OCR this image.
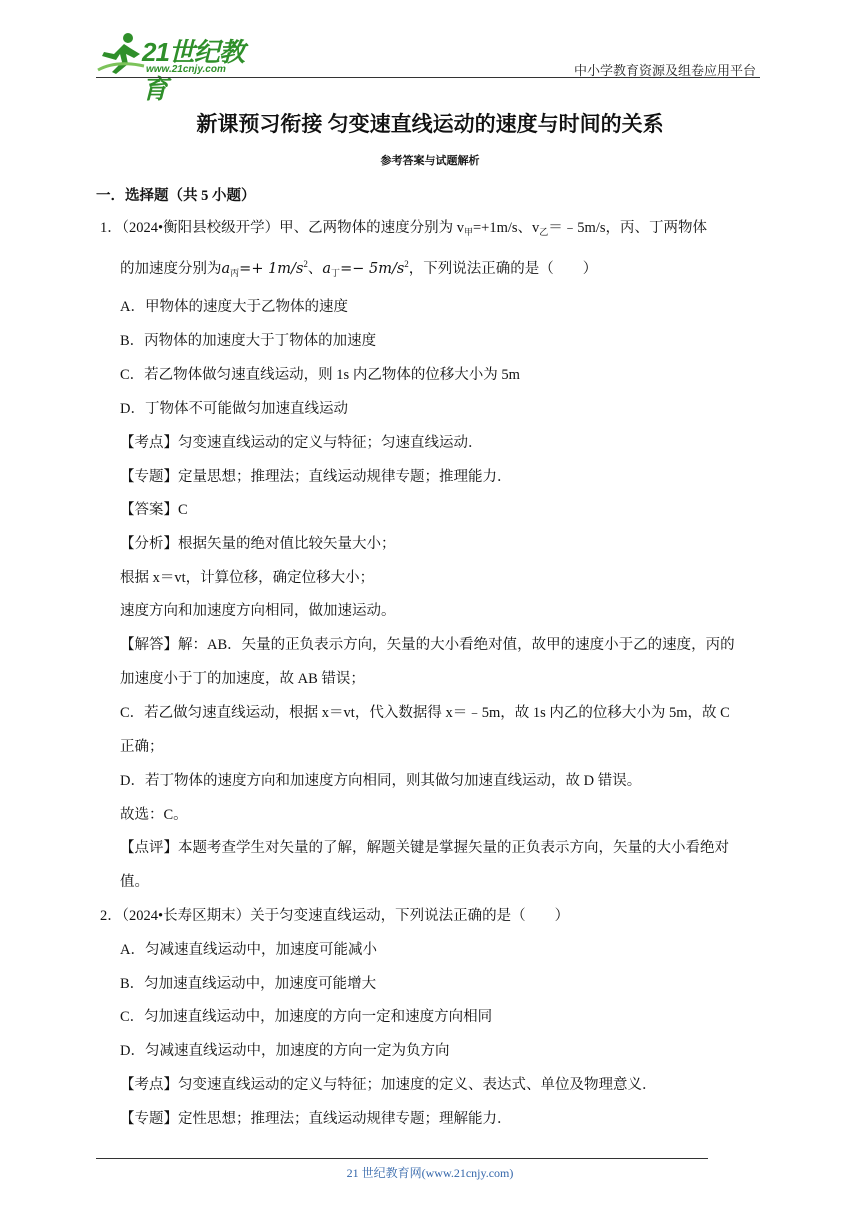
21世纪教育
www.21cnjy.com	中小学教育资源及组卷应用平台
新课预习衔接 匀变速直线运动的速度与时间的关系
参考答案与试题解析
一．选择题（共 5 小题）
1．（2024•衡阳县校级开学）甲、乙两物体的速度分别为 $v_甲=+1m/s$、$v_乙=﹣5m/s$，丙、丁两物体
的加速度分别为$a_丙=+ 1m/s^2$、$a_丁=- 5m/s^2$，下列说法正确的是（　　）
A．甲物体的速度大于乙物体的速度
B．丙物体的加速度大于丁物体的加速度
C．若乙物体做匀速直线运动，则 1s 内乙物体的位移大小为 5m
D．丁物体不可能做匀加速直线运动
【考点】匀变速直线运动的定义与特征；匀速直线运动．
【专题】定量思想；推理法；直线运动规律专题；推理能力．
【答案】C
【分析】根据矢量的绝对值比较矢量大小；
根据 x＝vt，计算位移，确定位移大小；
速度方向和加速度方向相同，做加速运动。
【解答】解：AB．矢量的正负表示方向，矢量的大小看绝对值，故甲的速度小于乙的速度，丙的
加速度小于丁的加速度，故 AB 错误；
C．若乙做匀速直线运动，根据 x＝vt，代入数据得 x＝﹣5m，故 1s 内乙的位移大小为 5m，故 C
正确；
D．若丁物体的速度方向和加速度方向相同，则其做匀加速直线运动，故 D 错误。
故选：C。
【点评】本题考查学生对矢量的了解，解题关键是掌握矢量的正负表示方向，矢量的大小看绝对
值。
2．（2024•长寿区期末）关于匀变速直线运动，下列说法正确的是（　　）
A．匀减速直线运动中，加速度可能减小
B．匀加速直线运动中，加速度可能增大
C．匀加速直线运动中，加速度的方向一定和速度方向相同
D．匀减速直线运动中，加速度的方向一定为负方向
【考点】匀变速直线运动的定义与特征；加速度的定义、表达式、单位及物理意义．
【专题】定性思想；推理法；直线运动规律专题；理解能力．
21 世纪教育网(www.21cnjy.com)
